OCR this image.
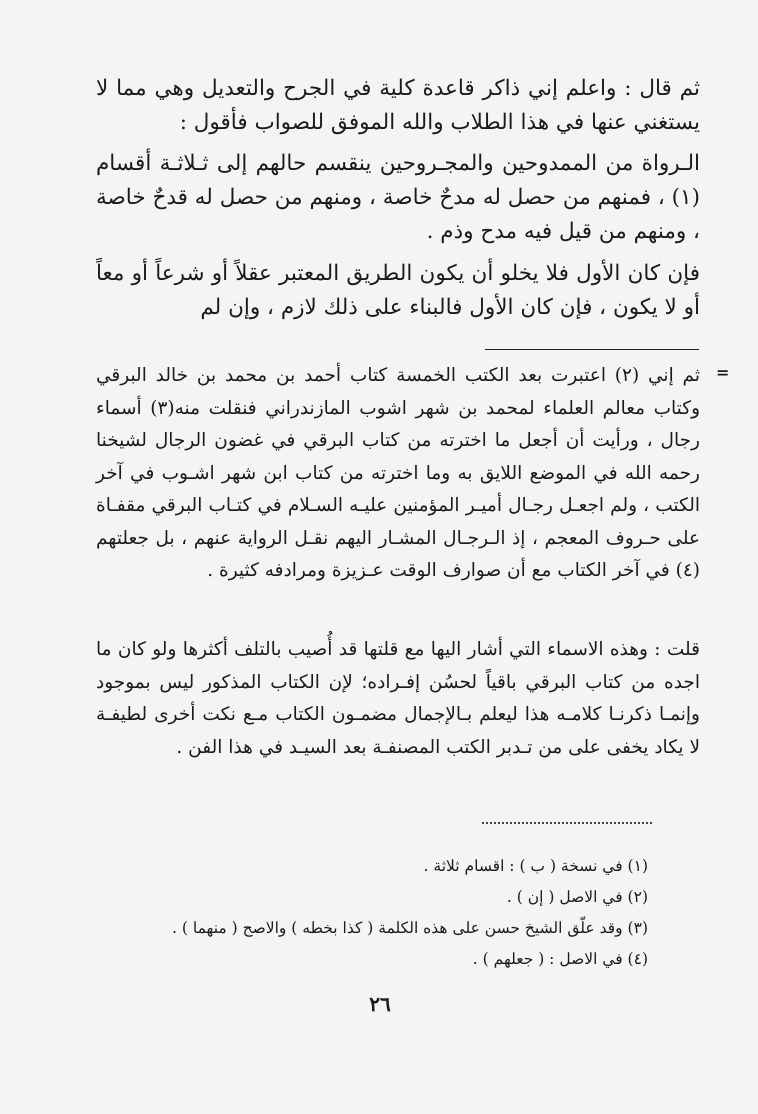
ثم قال : واعلم إني ذاكر قاعدة كلية في الجرح والتعديل وهي مما لا يستغني عنها في هذا الطلاب والله الموفق للصواب فأقول :

الـرواة من الممدوحين والمجـروحين ينقسم حالهم إلى ثـلاثـة أقسام (١) ، فمنهم من حصل له مدحٌ خاصة ، ومنهم من حصل له قدحٌ خاصة ، ومنهم من قيل فيه مدح وذم .

فإن كان الأول فلا يخلو أن يكون الطريق المعتبر عقلاً أو شرعاً أو معاً أو لا يكون ، فإن كان الأول فالبناء على ذلك لازم ، وإن لم

=

ثم إني (٢) اعتبرت بعد الكتب الخمسة كتاب أحمد بن محمد بن خالد البرقي وكتاب معالم العلماء لمحمد بن شهر اشوب المازندراني فنقلت منه(٣) أسماء رجال ، ورأيت أن أجعل ما اخترته من كتاب البرقي في غضون الرجال لشيخنا رحمه الله في الموضع اللايق به وما اخترته من كتاب ابن شهر اشـوب في آخر الكتب ، ولم اجعـل رجـال أميـر المؤمنين عليـه السـلام في كتـاب البرقي مقفـاة على حـروف المعجم ، إذ الـرجـال المشـار اليهم نقـل الرواية عنهم ، بل جعلتهم (٤) في آخر الكتاب مع أن صوارف الوقت عـزيزة ومرادفه كثيرة .

قلت : وهذه الاسماء التي أشار اليها مع قلتها قد أُصيب بالتلف أكثرها ولو كان ما اجده من كتاب البرقي باقياً لحسُن إفـراده؛ لإن الكتاب المذكور ليس بموجود وإنمـا ذكرنـا كلامـه هذا ليعلم بـالإجمال مضمـون الكتاب مـع نكت أخرى لطيفـة لا يكاد يخفى على من تـدبر الكتب المصنفـة بعد السيـد في هذا الفن .

(١) في نسخة ( ب ) : اقسام ثلاثة .

(٢) في الاصل ( إن ) .

(٣) وقد علّق الشيخ حسن على هذه الكلمة ( كذا بخطه ) والاصح ( منهما ) .

(٤) في الاصل : ( جعلهم ) .

٢٦
